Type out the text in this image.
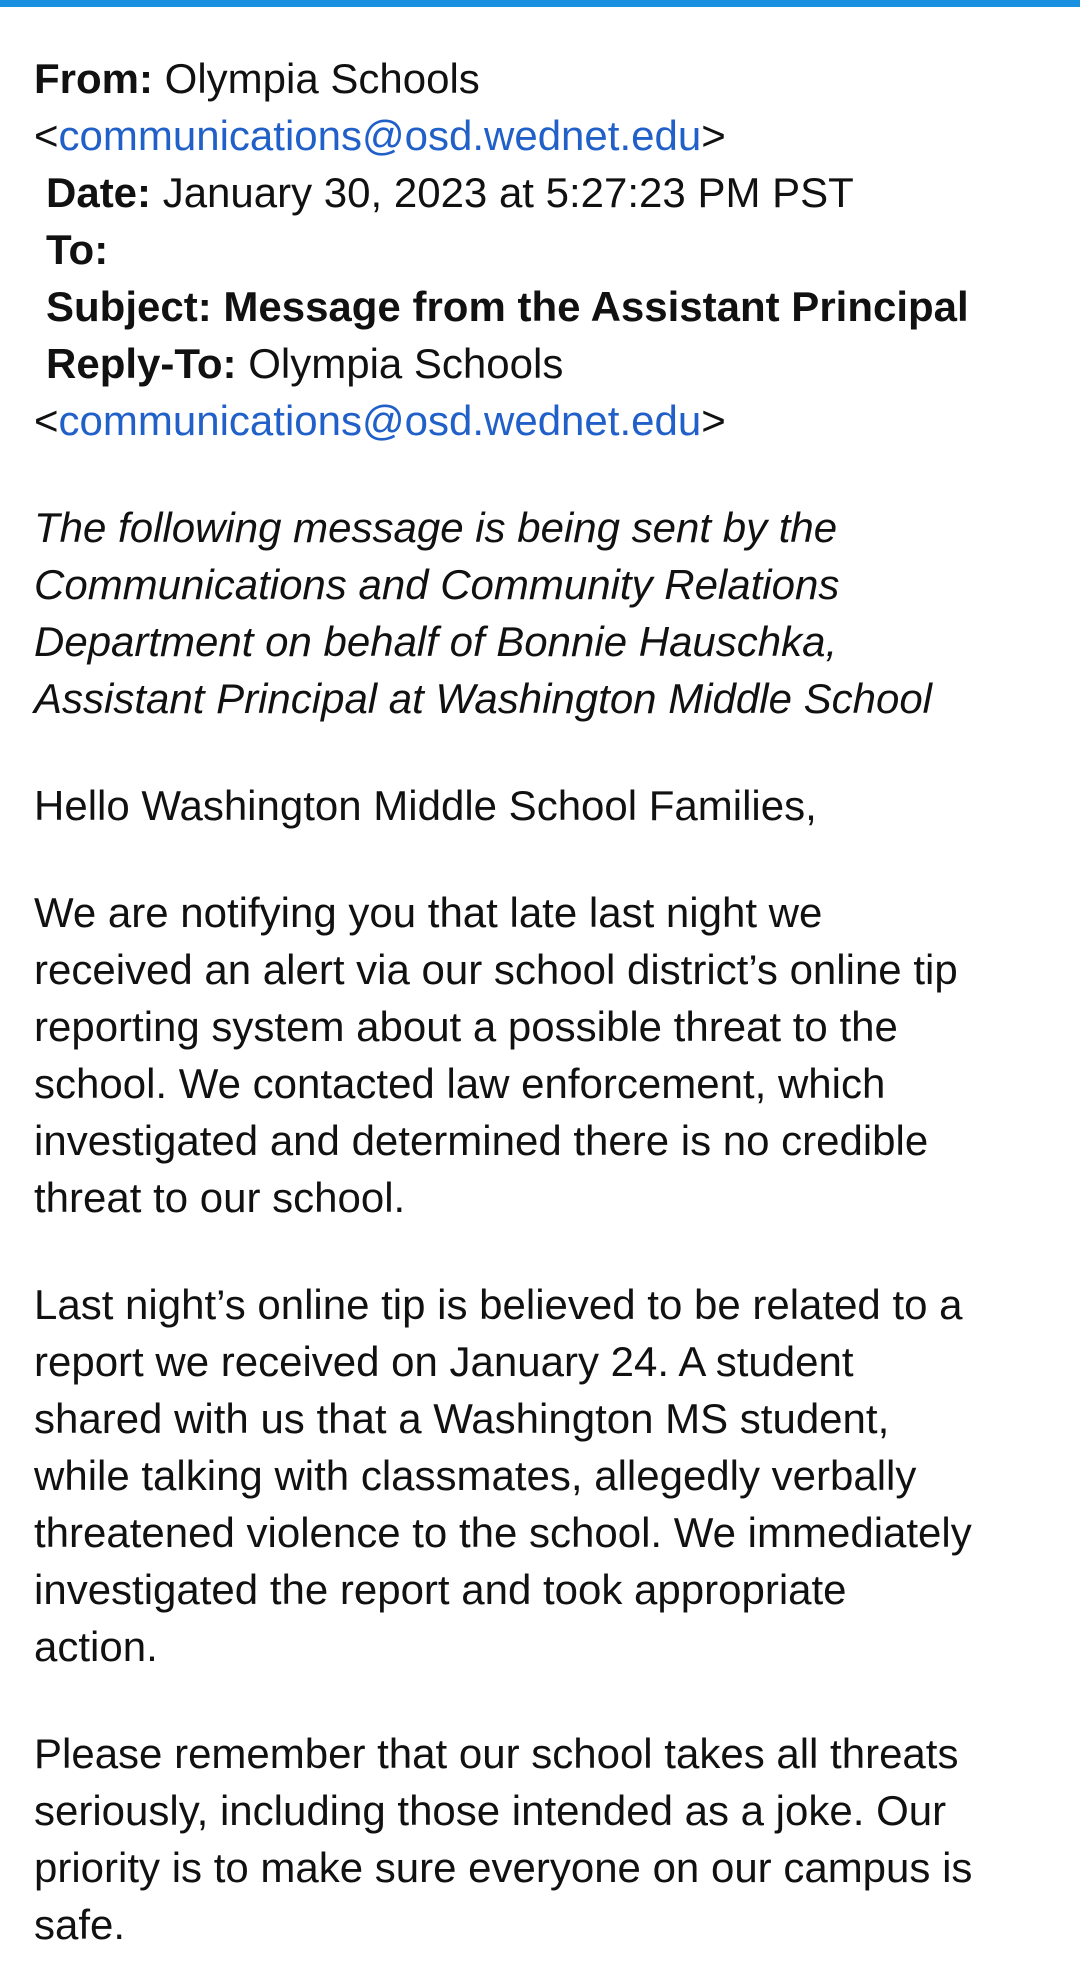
From: Olympia Schools
<communications@osd.wednet.edu>
Date: January 30, 2023 at 5:27:23 PM PST
To:
Subject: Message from the Assistant Principal
Reply-To: Olympia Schools
<communications@osd.wednet.edu>
The following message is being sent by the
Communications and Community Relations
Department on behalf of Bonnie Hauschka,
Assistant Principal at Washington Middle School
Hello Washington Middle School Families,
We are notifying you that late last night we
received an alert via our school district’s online tip
reporting system about a possible threat to the
school. We contacted law enforcement, which
investigated and determined there is no credible
threat to our school.
Last night’s online tip is believed to be related to a
report we received on January 24. A student
shared with us that a Washington MS student,
while talking with classmates, allegedly verbally
threatened violence to the school. We immediately
investigated the report and took appropriate
action.
Please remember that our school takes all threats
seriously, including those intended as a joke. Our
priority is to make sure everyone on our campus is
safe.
